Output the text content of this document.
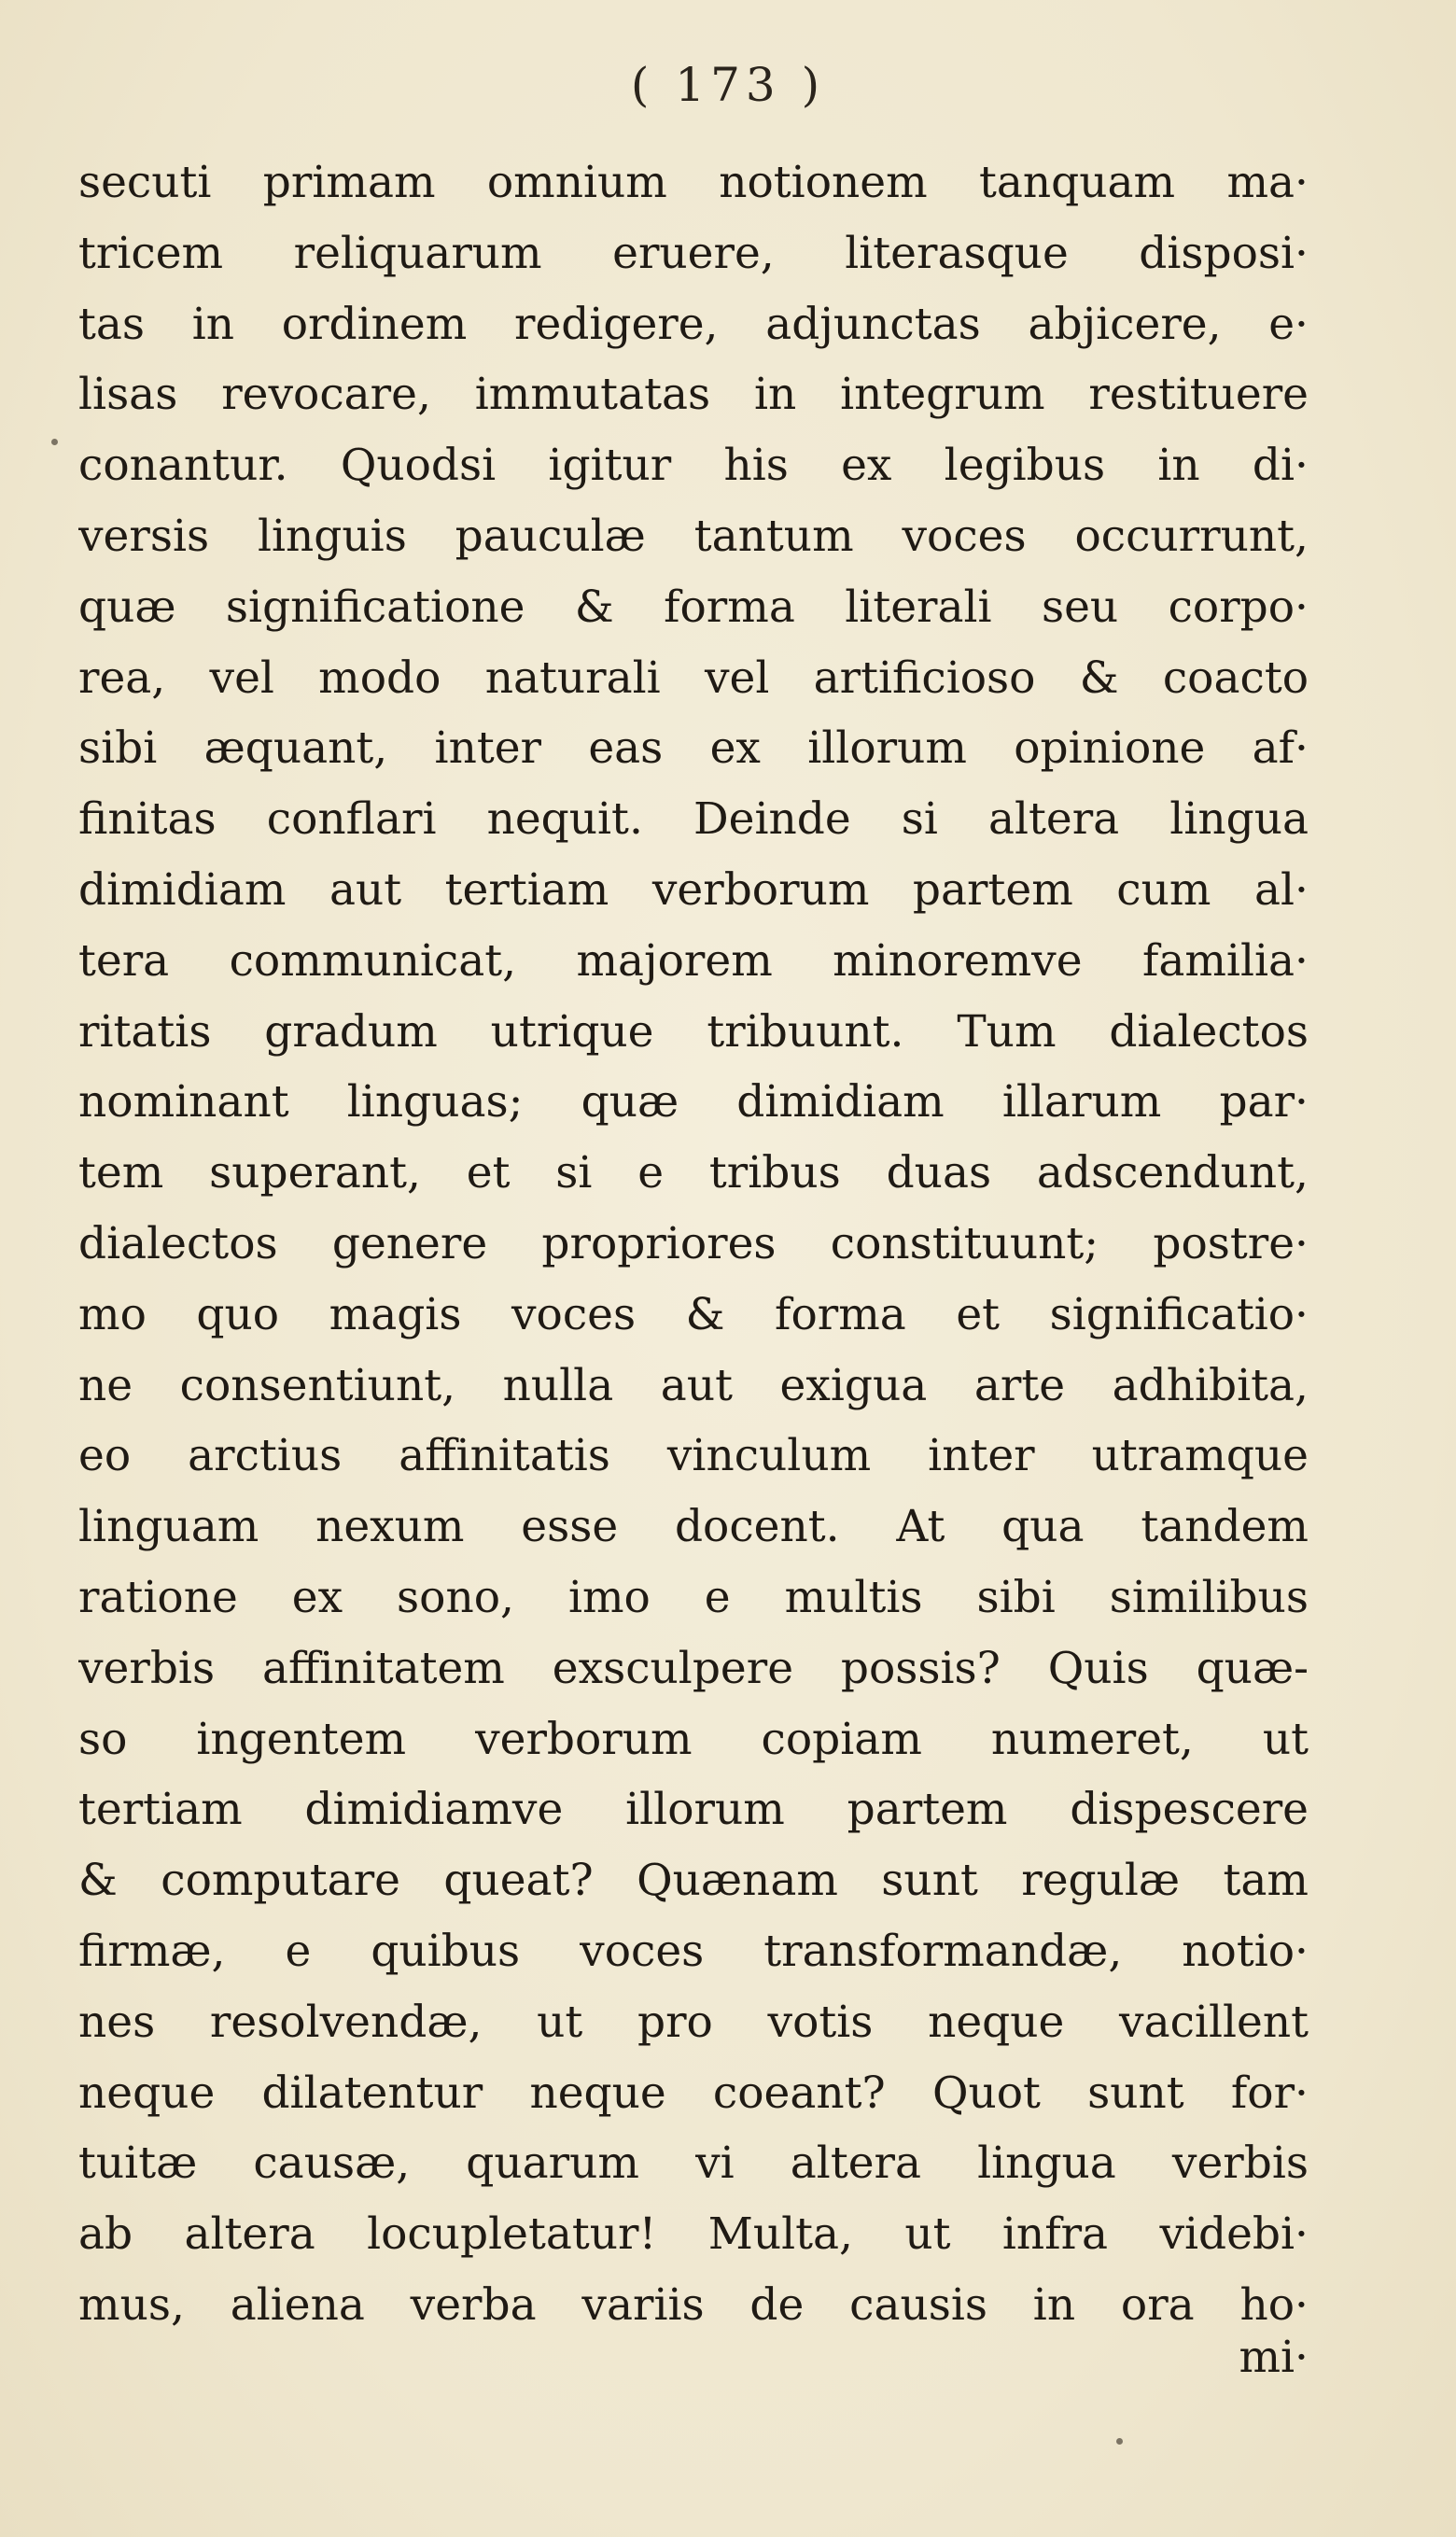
( 173 )
secuti primam omnium notionem tanquam ma·
tricem reliquarum eruere, literasque disposi·
tas in ordinem redigere, adjunctas abjicere, e·
lisas revocare, immutatas in integrum restituere
conantur. Quodsi igitur his ex legibus in di·
versis linguis pauculæ tantum voces occurrunt,
quæ significatione & forma literali seu corpo·
rea, vel modo naturali vel artificioso & coacto
sibi æquant, inter eas ex illorum opinione af·
finitas conflari nequit. Deinde si altera lingua
dimidiam aut tertiam verborum partem cum al·
tera communicat, majorem minoremve familia·
ritatis gradum utrique tribuunt. Tum dialectos
nominant linguas; quæ dimidiam illarum par·
tem superant, et si e tribus duas adscendunt,
dialectos genere propriores constituunt; postre·
mo quo magis voces & forma et significatio·
ne consentiunt, nulla aut exigua arte adhibita,
eo arctius affinitatis vinculum inter utramque
linguam nexum esse docent. At qua tandem
ratione ex sono, imo e multis sibi similibus
verbis affinitatem exsculpere possis? Quis quæ-
so ingentem verborum copiam numeret, ut
tertiam dimidiamve illorum partem dispescere
& computare queat? Quænam sunt regulæ tam
firmæ, e quibus voces transformandæ, notio·
nes resolvendæ, ut pro votis neque vacillent
neque dilatentur neque coeant? Quot sunt for·
tuitæ causæ, quarum vi altera lingua verbis
ab altera locupletatur! Multa, ut infra videbi·
mus, aliena verba variis de causis in ora ho·
mi·
